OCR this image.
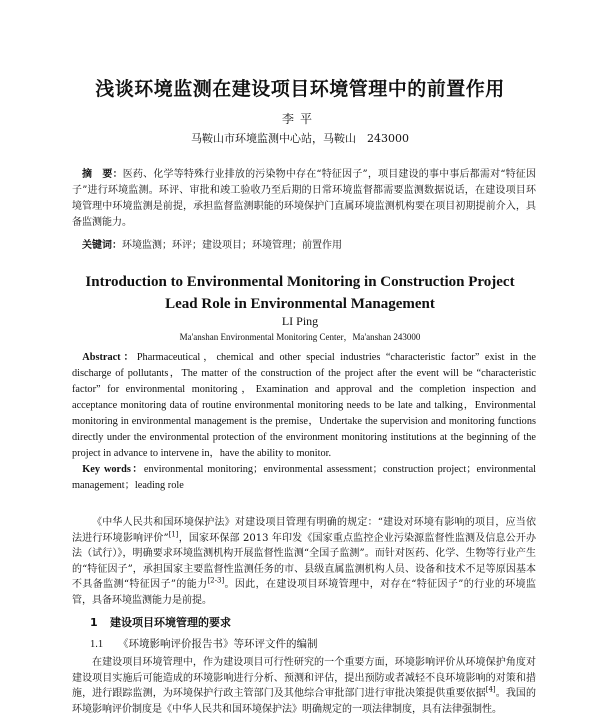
浅谈环境监测在建设项目环境管理中的前置作用
李平
马鞍山市环境监测中心站，马鞍山　243000
摘　要：医药、化学等特殊行业排放的污染物中存在“特征因子”，项目建设的事中事后都需对“特征因子”进行环境监测。环评、审批和竣工验收乃至后期的日常环境监督都需要监测数据说话，在建设项目环境管理中环境监测是前提，承担监督监测职能的环境保护门直属环境监测机构要在项目初期提前介入，具备监测能力。
关键词：环境监测；环评；建设项目；环境管理；前置作用
Introduction to Environmental Monitoring in Construction Project
Lead Role in Environmental Management
LI Ping
Ma'anshan Environmental Monitoring Center，Ma'anshan 243000
Abstract：Pharmaceutical，chemical and other special industries “characteristic factor” exist in the discharge of pollutants，The matter of the construction of the project after the event will be “characteristic factor” for environmental monitoring，Examination and approval and the completion inspection and acceptance monitoring data of routine environmental monitoring needs to be late and talking，Environmental monitoring in environmental management is the premise，Undertake the supervision and monitoring functions directly under the environmental protection of the environment monitoring institutions at the beginning of the project in advance to intervene in，have the ability to monitor.
Key words：environmental monitoring；environmental assessment；construction project；environmental management；leading role
《中华人民共和国环境保护法》对建设项目管理有明确的规定：“建设对环境有影响的项目，应当依法进行环境影响评价”[1]，国家环保部 2013 年印发《国家重点监控企业污染源监督性监测及信息公开办法（试行）》，明确要求环境监测机构开展监督性监测“全国子监测”。而针对医药、化学、生物等行业产生的“特征因子”，承担国家主要监督性监测任务的市、县级直属监测机构人员、设备和技术不足等原因基本不具备监测“特征因子”的能力[2-3]。因此，在建设项目环境管理中，对存在“特征因子”的行业的环境监管，具备环境监测能力是前提。
1 建设项目环境管理的要求
1.1 《环境影响评价报告书》等环评文件的编制
在建设项目环境管理中，作为建设项目可行性研究的一个重要方面，环境影响评价从环境保护角度对建设项目实施后可能造成的环境影响进行分析、预测和评估，提出预防或者减轻不良环境影响的对策和措施，进行跟踪监测，为环境保护行政主管部门及其他综合审批部门进行审批决策提供重要依据[4]。我国的环境影响评价制度是《中华人民共和国环境保护法》明确规定的一项法律制度，具有法律强制性。
